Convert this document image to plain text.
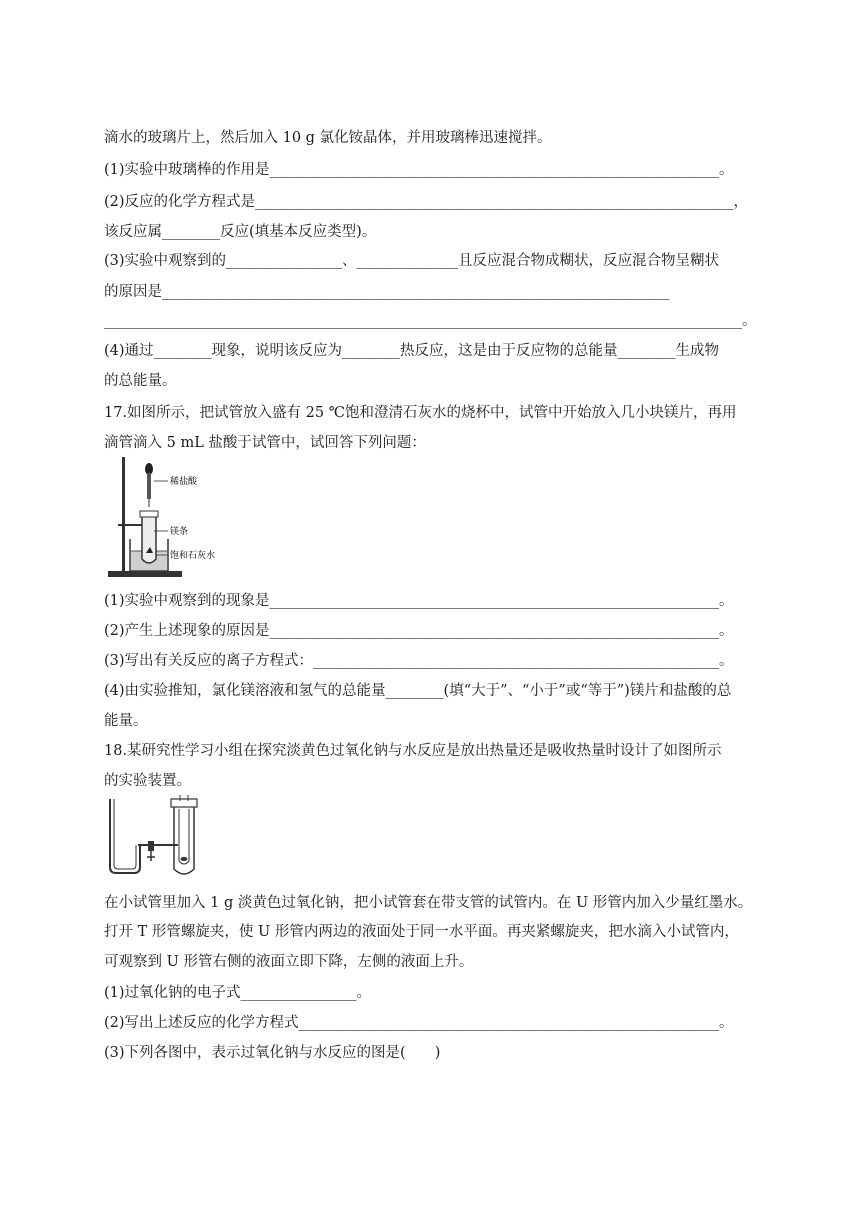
滴水的玻璃片上，然后加入 10 g 氯化铵晶体，并用玻璃棒迅速搅拌。
(1)实验中玻璃棒的作用是______________________________________________________________。
(2)反应的化学方程式是__________________________________________________________________，
该反应属________反应(填基本反应类型)。
(3)实验中观察到的________________、______________且反应混合物成糊状，反应混合物呈糊状
的原因是______________________________________________________________________
________________________________________________________________________________________。
(4)通过________现象，说明该反应为________热反应，这是由于反应物的总能量________生成物
的总能量。
17.如图所示，把试管放入盛有 25 ℃饱和澄清石灰水的烧杯中，试管中开始放入几小块镁片，再用
滴管滴入 5 mL 盐酸于试管中，试回答下列问题：
稀盐酸
镁条
饱和石灰水
(1)实验中观察到的现象是______________________________________________________________。
(2)产生上述现象的原因是______________________________________________________________。
(3)写出有关反应的离子方程式：________________________________________________________。
(4)由实验推知，氯化镁溶液和氢气的总能量________(填“大于”、“小于”或“等于”)镁片和盐酸的总
能量。
18.某研究性学习小组在探究淡黄色过氧化钠与水反应是放出热量还是吸收热量时设计了如图所示
的实验装置。
在小试管里加入 1 g 淡黄色过氧化钠，把小试管套在带支管的试管内。在 U 形管内加入少量红墨水。
打开 T 形管螺旋夹，使 U 形管内两边的液面处于同一水平面。再夹紧螺旋夹，把水滴入小试管内，
可观察到 U 形管右侧的液面立即下降，左侧的液面上升。
(1)过氧化钠的电子式________________。
(2)写出上述反应的化学方程式__________________________________________________________。
(3)下列各图中，表示过氧化钠与水反应的图是(　　)
